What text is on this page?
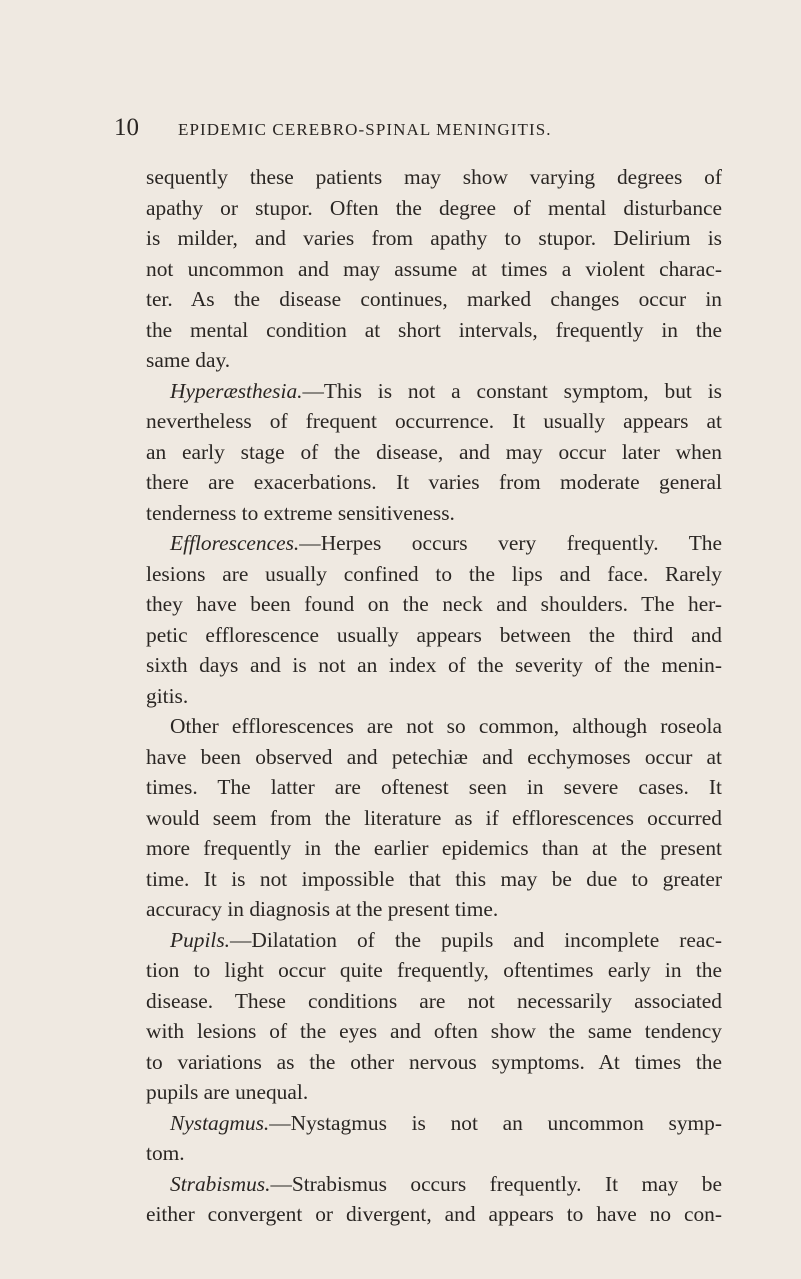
10	EPIDEMIC CEREBRO-SPINAL MENINGITIS.
sequently these patients may show varying degrees of
apathy or stupor. Often the degree of mental disturbance
is milder, and varies from apathy to stupor. Delirium is
not uncommon and may assume at times a violent charac-
ter. As the disease continues, marked changes occur in
the mental condition at short intervals, frequently in the
same day.
Hyperæsthesia.—This is not a constant symptom, but is
nevertheless of frequent occurrence. It usually appears at
an early stage of the disease, and may occur later when
there are exacerbations. It varies from moderate general
tenderness to extreme sensitiveness.
Efflorescences.—Herpes occurs very frequently. The
lesions are usually confined to the lips and face. Rarely
they have been found on the neck and shoulders. The her-
petic efflorescence usually appears between the third and
sixth days and is not an index of the severity of the menin-
gitis.
Other efflorescences are not so common, although roseola
have been observed and petechiæ and ecchymoses occur at
times. The latter are oftenest seen in severe cases. It
would seem from the literature as if efflorescences occurred
more frequently in the earlier epidemics than at the present
time. It is not impossible that this may be due to greater
accuracy in diagnosis at the present time.
Pupils.—Dilatation of the pupils and incomplete reac-
tion to light occur quite frequently, oftentimes early in the
disease. These conditions are not necessarily associated
with lesions of the eyes and often show the same tendency
to variations as the other nervous symptoms. At times the
pupils are unequal.
Nystagmus.—Nystagmus is not an uncommon symp-
tom.
Strabismus.—Strabismus occurs frequently. It may be
either convergent or divergent, and appears to have no con-
